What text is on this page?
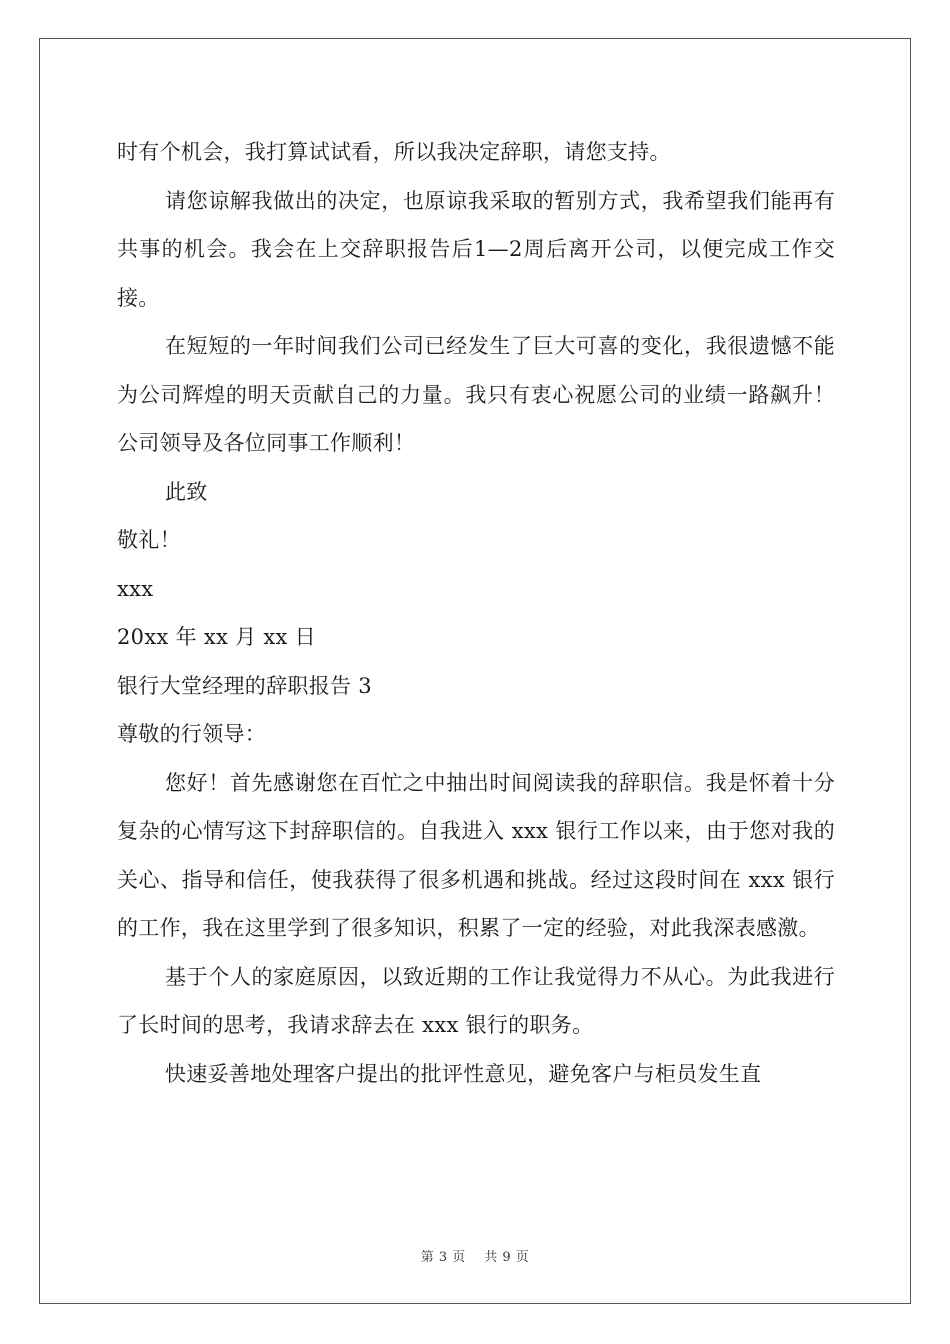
时有个机会，我打算试试看，所以我决定辞职，请您支持。

请您谅解我做出的决定，也原谅我采取的暂别方式，我希望我们能再有共事的机会。我会在上交辞职报告后1—2周后离开公司，以便完成工作交接。

在短短的一年时间我们公司已经发生了巨大可喜的变化，我很遗憾不能为公司辉煌的明天贡献自己的力量。我只有衷心祝愿公司的业绩一路飙升！公司领导及各位同事工作顺利！

此致

敬礼！

xxx

20xx 年 xx 月 xx 日

银行大堂经理的辞职报告 3

尊敬的行领导：

您好！首先感谢您在百忙之中抽出时间阅读我的辞职信。我是怀着十分复杂的心情写这下封辞职信的。自我进入 xxx 银行工作以来，由于您对我的关心、指导和信任，使我获得了很多机遇和挑战。经过这段时间在 xxx 银行的工作，我在这里学到了很多知识，积累了一定的经验，对此我深表感激。

基于个人的家庭原因，以致近期的工作让我觉得力不从心。为此我进行了长时间的思考，我请求辞去在 xxx 银行的职务。

快速妥善地处理客户提出的批评性意见，避免客户与柜员发生直

第 3 页 共 9 页
